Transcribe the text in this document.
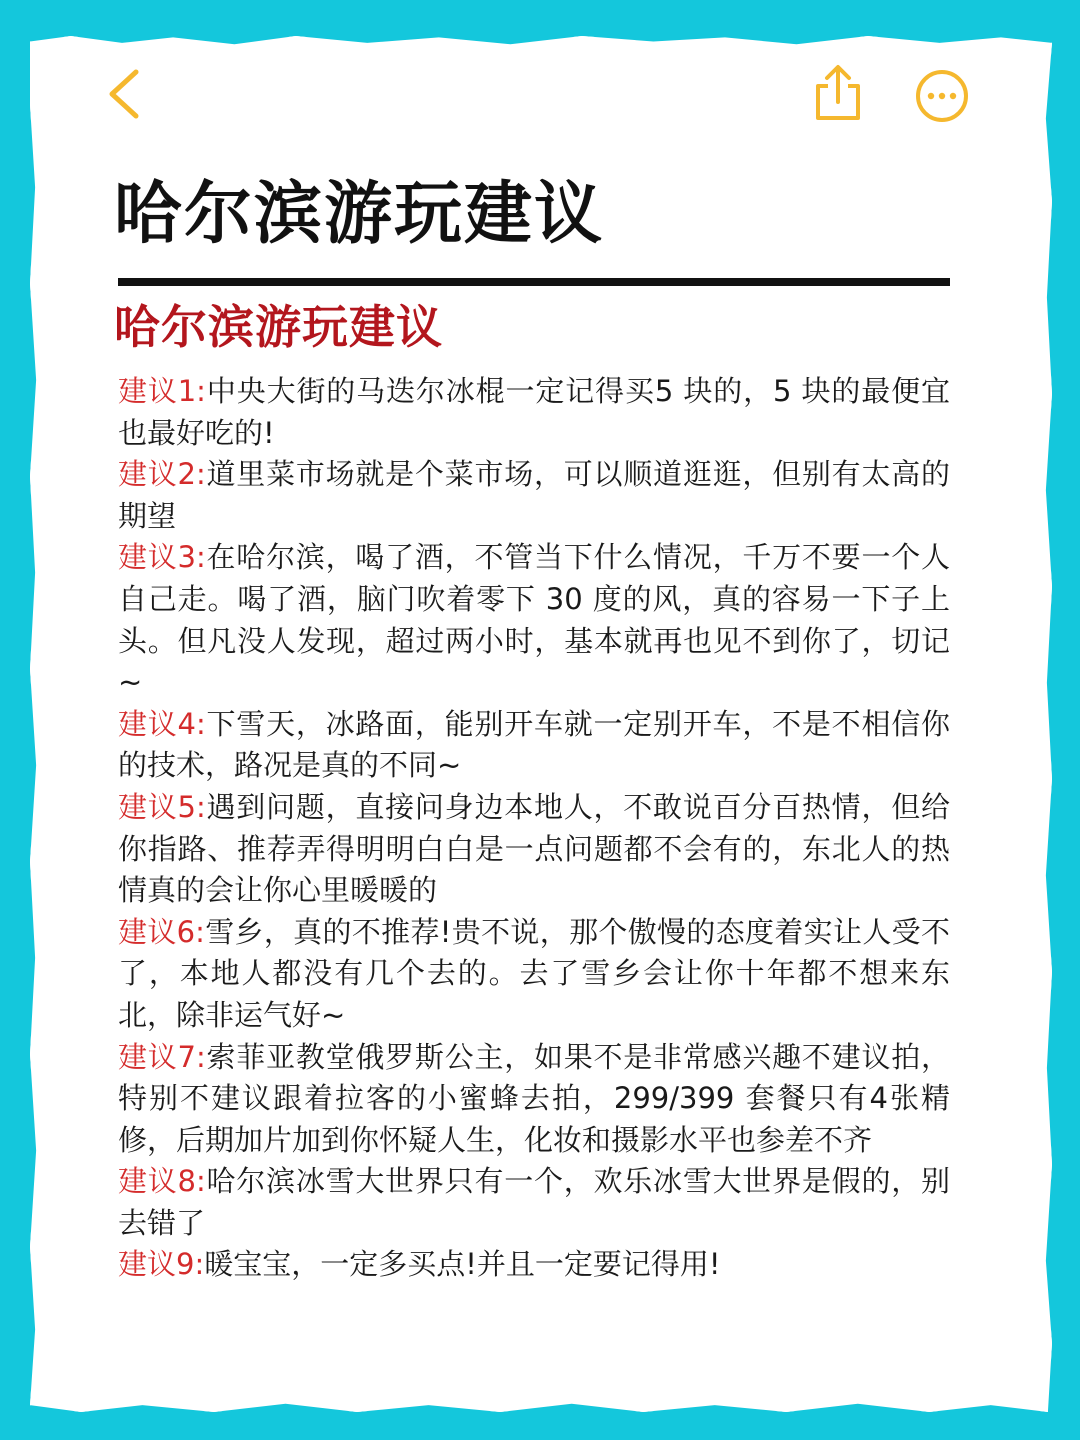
哈尔滨游玩建议
哈尔滨游玩建议
建议1:中央大街的马迭尔冰棍一定记得买5 块的，5 块的最便宜也最好吃的!
建议2:道里菜市场就是个菜市场，可以顺道逛逛，但别有太高的期望
建议3:在哈尔滨，喝了酒，不管当下什么情况，千万不要一个人自己走。喝了酒，脑门吹着零下 30 度的风，真的容易一下子上头。但凡没人发现，超过两小时，基本就再也见不到你了，切记~
建议4:下雪天，冰路面，能别开车就一定别开车，不是不相信你的技术，路况是真的不同~
建议5:遇到问题，直接问身边本地人，不敢说百分百热情，但给你指路、推荐弄得明明白白是一点问题都不会有的，东北人的热情真的会让你心里暖暖的
建议6:雪乡，真的不推荐!贵不说，那个傲慢的态度着实让人受不了，本地人都没有几个去的。去了雪乡会让你十年都不想来东北，除非运气好~
建议7:索菲亚教堂俄罗斯公主，如果不是非常感兴趣不建议拍，特别不建议跟着拉客的小蜜蜂去拍，299/399 套餐只有4张精修，后期加片加到你怀疑人生，化妆和摄影水平也参差不齐
建议8:哈尔滨冰雪大世界只有一个，欢乐冰雪大世界是假的，别去错了
建议9:暖宝宝，一定多买点!并且一定要记得用!
